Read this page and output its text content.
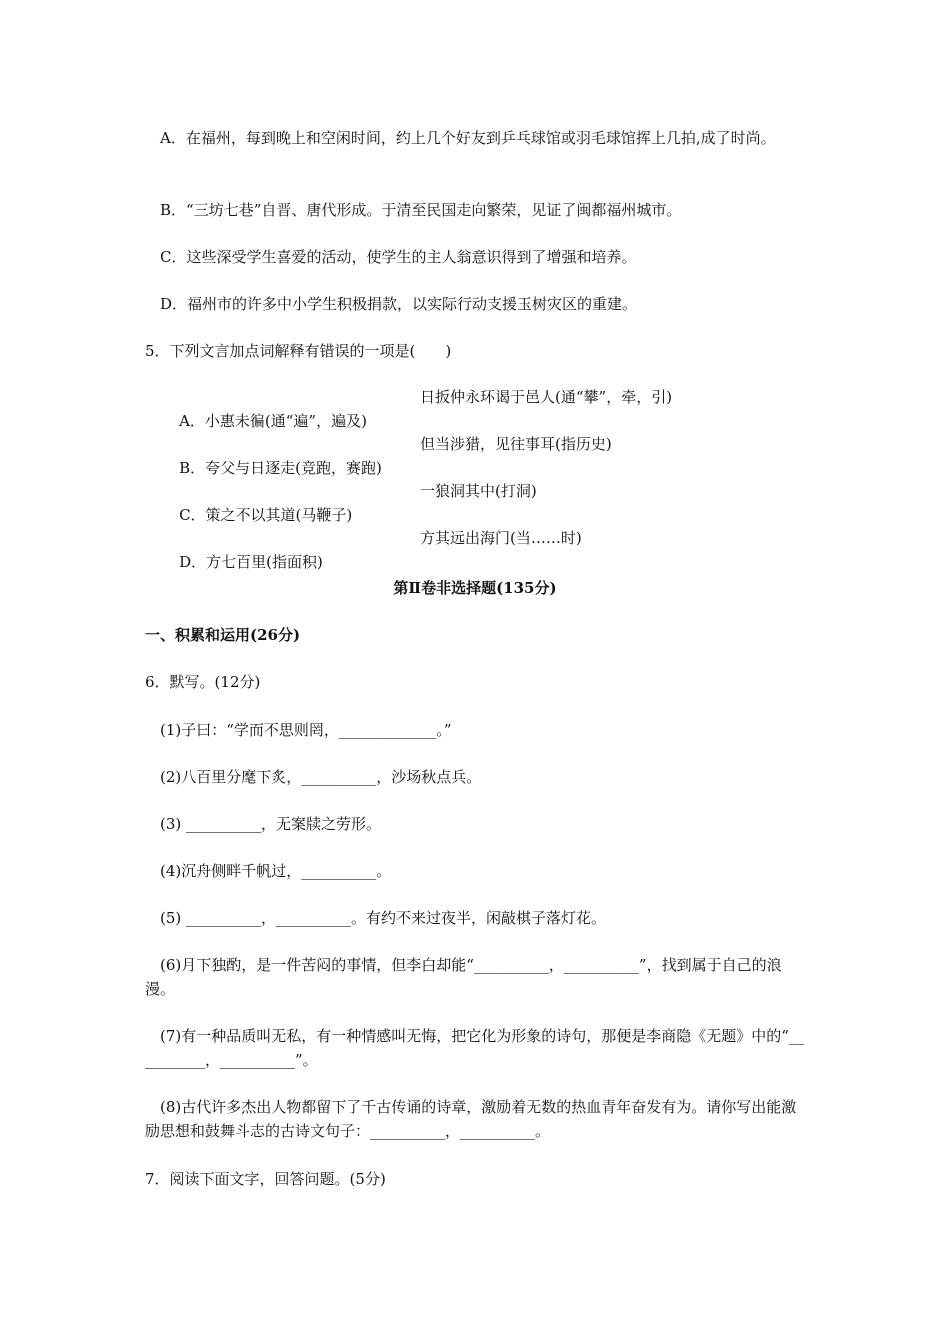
A．在福州，每到晚上和空闲时间，约上几个好友到乒乓球馆或羽毛球馆挥上几拍,成了时尚。
B．“三坊七巷”自晋、唐代形成。于清至民国走向繁荣，见证了闽都福州城市。
C．这些深受学生喜爱的活动，使学生的主人翁意识得到了增强和培养。
D．福州市的许多中小学生积极捐款，以实际行动支援玉树灾区的重建。
5．下列文言加点词解释有错误的一项是(　　)

A．小惠未徧(通“遍”，遍及)

日扳仲永环谒于邑人(通“攀”，牵，引)

B．夸父与日逐走(竞跑，赛跑)

但当涉猎，见往事耳(指历史)

C．策之不以其道(马鞭子)

一狼洞其中(打洞)

D．方七百里(指面积)

方其远出海门(当……时)
第Ⅱ卷非选择题(135分)
一、积累和运用(26分)
6．默写。(12分)
(1)子曰：“学而不思则罔，_____________。”
(2)八百里分麾下炙，__________，沙场秋点兵。
(3) __________，无案牍之劳形。
(4)沉舟侧畔千帆过，__________。
(5) __________，__________。有约不来过夜半，闲敲棋子落灯花。
(6)月下独酌，是一件苦闷的事情，但李白却能“__________，__________”，找到属于自己的浪漫。
(7)有一种品质叫无私，有一种情感叫无悔，把它化为形象的诗句，那便是李商隐《无题》中的“__________，__________”。
(8)古代许多杰出人物都留下了千古传诵的诗章，激励着无数的热血青年奋发有为。请你写出能激励思想和鼓舞斗志的古诗文句子：__________，__________。
7．阅读下面文字，回答问题。(5分)
